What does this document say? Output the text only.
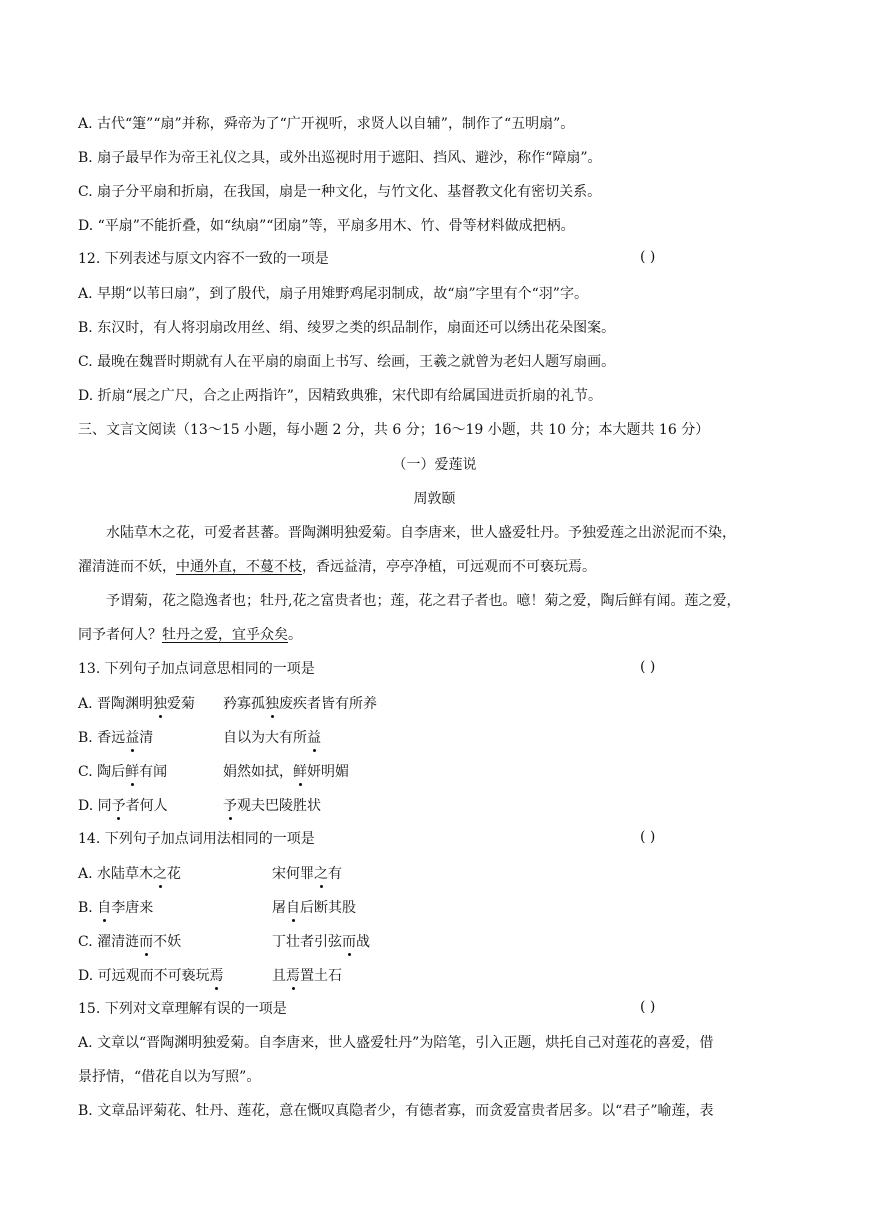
A. 古代“箑”“扇”并称，舜帝为了“广开视听，求贤人以自辅”，制作了“五明扇”。
B. 扇子最早作为帝王礼仪之具，或外出巡视时用于遮阳、挡风、避沙，称作“障扇”。
C. 扇子分平扇和折扇，在我国，扇是一种文化，与竹文化、基督教文化有密切关系。
D. “平扇”不能折叠，如“纨扇”“团扇”等，平扇多用木、竹、骨等材料做成把柄。
12. 下列表述与原文内容不一致的一项是	( )
A. 早期“以苇曰扇”，到了殷代，扇子用雉野鸡尾羽制成，故“扇”字里有个“羽”字。
B. 东汉时，有人将羽扇改用丝、绢、绫罗之类的织品制作，扇面还可以绣出花朵图案。
C. 最晚在魏晋时期就有人在平扇的扇面上书写、绘画，王羲之就曾为老妇人题写扇画。
D. 折扇“展之广尺，合之止两指许”，因精致典雅，宋代即有给属国进贡折扇的礼节。
三、文言文阅读（13～15 小题，每小题 2 分，共 6 分；16～19 小题，共 10 分；本大题共 16 分）
（一）爱莲说
周敦颐
水陆草木之花，可爱者甚蕃。晋陶渊明独爱菊。自李唐来，世人盛爱牡丹。予独爱莲之出淤泥而不染，
濯清涟而不妖，中通外直，不蔓不枝，香远益清，亭亭净植，可远观而不可亵玩焉。
予谓菊，花之隐逸者也；牡丹,花之富贵者也；莲，花之君子者也。噫！菊之爱，陶后鲜有闻。莲之爱，
同予者何人？牡丹之爱，宜乎众矣。
13. 下列句子加点词意思相同的一项是	( )
A. 晋陶渊明独爱菊 矜寡孤独废疾者皆有所养
B. 香远益清	自以为大有所益
C. 陶后鲜有闻	娟然如拭，鲜妍明媚
D. 同予者何人	予观夫巴陵胜状
14. 下列句子加点词用法相同的一项是	( )
A. 水陆草木之花	宋何罪之有
B. 自李唐来	屠自后断其股
C. 濯清涟而不妖	丁壮者引弦而战
D. 可远观而不可亵玩焉	且焉置土石
15. 下列对文章理解有误的一项是	( )
A. 文章以“晋陶渊明独爱菊。自李唐来，世人盛爱牡丹”为陪笔，引入正题，烘托自己对莲花的喜爱，借
景抒情，“借花自以为写照”。
B. 文章品评菊花、牡丹、莲花，意在慨叹真隐者少，有德者寡，而贪爱富贵者居多。以“君子”喻莲，表
